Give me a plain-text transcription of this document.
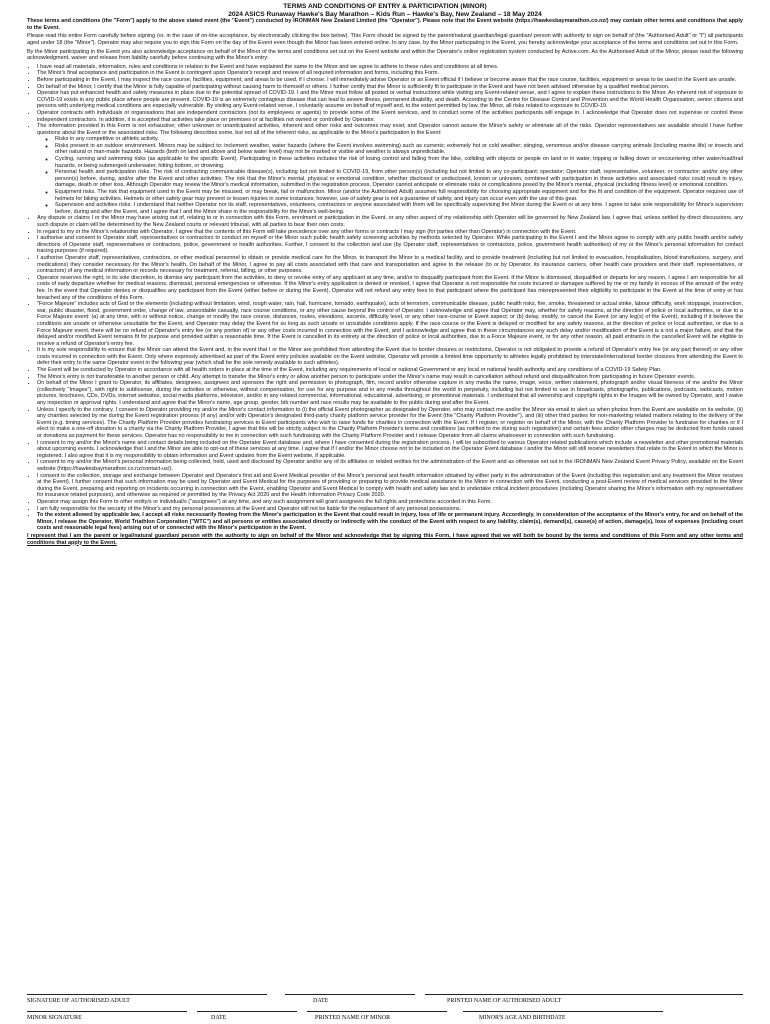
TERMS AND CONDITIONS OF ENTRY & PARTICIPATION (MINOR)
2024 ASICS Runaway Hawke's Bay Marathon – Kids Run – Hawke's Bay, New Zealand – 18 May 2024

These terms and conditions (the "Form") apply to the above stated event (the "Event") conducted by IRONMAN New Zealand Limited (the "Operator"). Please note that the Event website (https://hawkesbaymarathon.co.nz/) may contain other terms and conditions that apply to the Event.

Please read this entire Form carefully before signing (or, in the case of on-line acceptance, by electronically clicking the box below). This Form should be signed by the parent/natural guardian/legal guardian/ person with authority to sign on behalf of (the "Authorised Adult" or "I") all participants aged under 18 (the "Minor"). Operator may also require you to sign this Form on the day of the Event even though the Minor has been entered online. In any case, by the Minor participating in the Event, you hereby acknowledge your acceptance of the terms and conditions set out in this Form.

By the Minor participating in the Event you also acknowledge acceptance on behalf of the Minor of the terms and conditions set out on the Event website and within the Operator's online registration system conducted by Active.com. As the Authorised Adult of the Minor, please read the following acknowledgment, waiver and release from liability carefully before continuing with the Minor's entry:

• I have read all materials, information, rules and conditions in relation to the Event and have explained the same to the Minor and we agree to adhere to these rules and conditions at all times.
• The Minor's final acceptance and participation in the Event is contingent upon Operator's receipt and review of all required information and forms, including this Form.
• Before participating in the Event, I may inspect the race course, facilities, equipment, and areas to be used, if I choose. I will immediately advise Operator or an Event official if I believe or become aware that the race course, facilities, equipment or areas to be used in the Event are unsafe.
• On behalf of the Minor, I certify that the Minor is fully capable of participating without causing harm to themself or others. I further certify that the Minor is sufficiently fit to participate in the Event and have not been advised otherwise by a qualified medical person.
• Operator has put enhanced health and safety measures in place due to the potential spread of COVID-19. I and the Minor must follow all posted or verbal instructions while visiting any Event-related venue, and I agree to explain these instructions to the Minor. An inherent risk of exposure to COVID-19 exists in any public place where people are present. COVID-19 is an extremely contagious disease that can lead to severe illness, permanent disability, and death. According to the Centre for Disease Control and Prevention and the World Health Organisation, senior citizens and persons with underlying medical conditions are especially vulnerable. By visiting any Event-related venue, I voluntarily assume on behalf of myself and, to the extent permitted by law, the Minor, all risks related to exposure to COVID-19.
• Operator contracts with individuals or organisations that are independent contractors (not its employees or agents) to provide some of the Event services, and to conduct some of the activities participants will engage in. I acknowledge that Operator does not supervise or control these independent contractors. In addition, it is accepted that activities take place on premises or at facilities not owned or controlled by Operator.
• The information provided in this Form is not exhaustive; other unknown or unanticipated activities, inherent and other risks and outcomes may exist; and Operator cannot assure the Minor's safety or eliminate all of the risks. Operator representatives are available should I have further questions about the Event or the associated risks. The following describes some, but not all of the inherent risks, as applicable to the Minor's participation in the Event:
◦ Risks in any competitive or athletic activity.
◦ Risks present in an outdoor environment. Minors may be subject to: inclement weather, water hazards (where the Event involves swimming) such as currents; extremely hot or cold weather; stinging, venomous and/or disease carrying animals (including marine life) or insects and other natural or man-made hazards. Hazards (both on land and above and below water level) may not be marked or visible and weather is always unpredictable.
◦ Cycling, running and swimming risks (as applicable to the specific Event). Participating in these activities includes the risk of losing control and falling from the bike, colliding with objects or people on land or in water, tripping or falling down or encountering other water/road/trail hazards, or being submerged underwater, hitting bottom, or drowning.
◦ Personal health and participation risks. The risk of contracting communicable disease(s), including but not limited to COVID-19, from other person(s) (including but not limited to any co-participant; spectator; Operator staff, representative, volunteer, or contractor; and/or any other person(s) before, during, and/or after the Event and other activities. The risk that the Minor's mental, physical or emotional condition, whether disclosed or undisclosed, known or unknown, combined with participation in these activities and associated risks could result in injury, damage, death or other loss. Although Operator may review the Minor's medical information, submitted in the registration process, Operator cannot anticipate or eliminate risks or complications posed by the Minor's mental, physical (including fitness level) or emotional condition.
◦ Equipment risks. The risk that equipment used in the Event may be misused, or may break, fail or malfunction. Minor (and/or the Authorised Adult) assumes full responsibility for choosing appropriate equipment and for the fit and condition of the equipment. Operator requires use of helmets for biking activities. Helmets or other safety gear may prevent or lessen injuries in some instances; however, use of safety gear is not a guarantee of safety, and injury can occur even with the use of this gear.
◦ Supervision and activities risks. I understand that neither Operator nor its staff, representatives, volunteers, contractors or anyone associated with them will be specifically supervising the Minor during the Event or at any time. I agree to take sole responsibility for Minor's supervision before, during and after the Event, and I agree that I and the Minor share in the responsibility for the Minor's well-being.
• Any dispute or claims I or the Minor may have arising out of, relating to or in connection with this Form, enrolment or participation in the Event, or any other aspect of my relationship with Operator will be governed by New Zealand law. I agree that, unless settled by direct discussions, any such dispute or claim will be determined by the New Zealand courts or relevant tribunal, with all parties to bear their own costs.
• In regard to my or the Minor's relationship with Operator, I agree that the contents of this Form will take precedence over any other forms or contracts I may sign (for parties other than Operator) in connection with the Event.
• I authorise and consent to Operator staff, representatives or contractors to conduct on myself or the Minor such public health safety screening activities by methods selected by Operator. While participating in the Event I and the Minor agree to comply with any public health and/or safety directions of Operator staff, representatives or contractors, police, government or health authorities. Further, I consent to the collection and use (by Operator staff, representatives or contractors, police, government health authorities) of my or the Minor's personal information for contact tracing purposes (if required).
• I authorise Operator staff, representatives, contractors, or other medical personnel to obtain or provide medical care for the Minor, to transport the Minor to a medical facility, and to provide treatment (including but not limited to evacuation, hospitalisation, blood transfusions, surgery, and medications) they consider necessary for the Minor's health. On behalf of the Minor, I agree to pay all costs associated with that care and transportation and agree to the release (to or by Operator, its insurance carriers, other health care providers and their staff, representatives, or contractors) of any medical information or records necessary for treatment, referral, billing, or other purposes.
• Operator reserves the right, in its sole discretion, to dismiss any participant from the activities, to deny or revoke entry of any applicant at any time, and/or to disqualify participant from the Event. If the Minor is dismissed, disqualified or departs for any reason, I agree I am responsible for all costs of early departure whether for medical reasons, dismissal, personal emergencies or otherwise. If the Minor's entry application is denied or revoked, I agree that Operator is not responsible for costs incurred or damages suffered by me or my family in excess of the amount of the entry fee. In the event that Operator denies or disqualifies any participant from the Event (either before or during the Event), Operator will not refund any entry fees to that participant where the participant has misrepresented their eligibility to participate in the Event at the time of entry or has breached any of the conditions of this Form.
• "Force Majeure" includes acts of God or the elements (including without limitation, wind, rough water, rain, hail, hurricane, tornado, earthquake), acts of terrorism, communicable disease, public health risks, fire, smoke, threatened or actual strike, labour difficulty, work stoppage, insurrection, war, public disaster, flood, government order, change of law, unavoidable casualty, race course conditions, or any other cause beyond the control of Operator. I acknowledge and agree that Operator may, whether for safety reasons, at the direction of police or local authorities, or due to a Force Majeure event: (a) at any time, with or without notice, change or modify the race course, distances, routes, elevations, ascents, difficulty level, or any other race-course or Event aspect; or (b) delay, modify, or cancel the Event (or any leg(s) of the Event), including if it believes the conditions are unsafe or otherwise unsuitable for the Event, and Operator may delay the Event for so long as such unsafe or unsuitable conditions apply. If the race course or the Event is delayed or modified for any safety reasons, at the direction of police or local authorities, or due to a Force Majeure event, there will be no refund of Operator's entry fee (or any portion of) or any other costs incurred in connection with the Event, and I acknowledge and agree that in these circumstances any such delay and/or modification of the Event is a not a major failure, and that the delayed and/or modified Event remains fit for purpose and provided within a reasonable time. If the Event is cancelled in its entirety at the direction of police or local authorities, due to a Force Majeure event, or for any other reason, all paid entrants in the cancelled Event will be eligible to receive a refund of Operator's entry fee.
• It is my sole responsibility to ensure that the Minor can attend the Event and, in the event that I or the Minor are prohibited from attending the Event due to border closures or restrictions, Operator is not obligated to provide a refund of Operator's entry fee (or any part thereof) or any other costs incurred in connection with the Event. Only where expressly advertised as part of the Event entry policies available on the Event website, Operator will provide a limited time opportunity to athletes legally prohibited by interstate/international border closures from attending the Event to defer their entry to the same Operator event in the following year (which shall be the sole remedy available to such athletes).
• The Event will be conducted by Operator in accordance with all health orders in place at the time of the Event, including any requirements of local or national Government or any local or national health authority and any conditions of a COVID-19 Safety Plan.
• The Minor's entry is not transferable to another person or child. Any attempt to transfer the Minor's entry or allow another person to participate under the Minor's name may result in cancellation without refund and disqualification from participating in future Operator events.
• On behalf of the Minor I grant to Operator, its affiliates, designees, assignees and sponsors the right and permission to photograph, film, record and/or otherwise capture in any media the name, image, voice, written statement, photograph and/or visual likeness of me and/or the Minor (collectively "Images"), with right to sublicense, during the activities or otherwise, without compensation, for use for any purpose and in any media throughout the world in perpetuity, including but not limited to use in broadcasts, photographs, publications, podcasts, webcasts, motion pictures, brochures, CDs, DVDs, internet websites, social media platforms, television, and/or in any related commercial, informational, educational, advertising, or promotional materials. I understand that all ownership and copyright rights in the Images will be owned by Operator, and I waive any inspection or approval rights. I understand and agree that the Minor's name, age group, gender, bib number and race results may be available to the public during and after the Event.
• Unless I specify to the contrary, I consent to Operator providing my and/or the Minor's contact information to (i) the official Event photographer as designated by Operator, who may contact me and/or the Minor via email to alert us when photos from the Event are available on its website, (ii) any charities selected by me during the Event registration process (if any) and/or with Operator's designated third-party charity platform service provider for the Event (the "Charity Platform Provider"), and (iii) other third parties for non-marketing related matters relating to the delivery of the Event (e.g. timing services). The Charity Platform Provider provides fundraising services to Event participants who wish to raise funds for charities in connection with the Event. If I register, or register on behalf of the Minor, with the Charity Platform Provider to fundraise for charities or if I elect to make a one-off donation to a charity via the Charity Platform Provider, I agree that this will be strictly subject to the Charity Platform Provider's terms and conditions (as notified to me during such registration) and certain fees and/or other charges may be deducted from funds raised or donations as payment for these services. Operator has no responsibility to me in connection with such fundraising with the Charity Platform Provider and I release Operator from all claims whatsoever in connection with such fundraising.
• I consent to my and/or the Minor's name and contact details being included on the Operator Event database and, where I have consented during the registration process, I will be subscribed to various Operator related publications which include a newsletter and other promotional materials about upcoming events. I acknowledge that I and the Minor are able to opt-out of these services at any time. I agree that if I and/or the Minor choose not to be included on the Operator Event database I and/or the Minor will still receive newsletters that relate to the Event in which the Minor is registered. I also agree that it is my responsibility to obtain information and Event updates from the Event website, if applicable.
• I consent to my and/or the Minor's personal information being collected, held, used and disclosed by Operator and/or any of its affiliates or related entities for the administration of the Event and as otherwise set out in the IRONMAN New Zealand Event Privacy Policy, available on the Event website (https://hawkesbaymarathon.co.nz/contact-us/).
• I consent to the collection, storage and exchange between Operator and Operator's first aid and Event Medical provider of the Minor's personal and health information obtained by either party in the administration of the Event (including this registration and any treatment the Minor receives at the Event). I further consent that such information may be used by Operator and Event Medical for the purposes of providing or preparing to provide medical assistance to the Minor in connection with the Event, conducting a post-Event review of medical services provided to the Minor during the Event, preparing and reporting on incidents occurring in connection with the Event, enabling Operator and Event Medical to comply with health and safety law and to undertake critical incident procedures (including Operator sharing the Minor's information with my representatives for insurance related purposes), and otherwise as required or permitted by the Privacy Act 2020 and the Health Information Privacy Code 2020.
• Operator may assign this Form to other entity/s or individual/s ("assignees") at any time, and any such assignment will grant assignees the full rights and protections accorded in this Form.
• I am fully responsible for the security of the Minor's and my personal possessions at the Event and Operator will not be liable for the replacement of any personal possessions.
• To the extent allowed by applicable law, I accept all risks necessarily flowing from the Minor's participation in the Event that could result in injury, loss of life or permanent injury. Accordingly, in consideration of the acceptance of the Minor's entry, for and on behalf of the Minor, I release the Operator, World Triathlon Corporation ("WTC") and all persons or entities associated directly or indirectly with the conduct of the Event with respect to any liability, claim(s), demand(s), cause(s) of action, damage(s), loss of expenses (including court costs and reasonable legal fees) arising out of or connected with the Minor's participation in the Event.

I represent that I am the parent or legal/natural guardian/ person with the authority to sign on behalf of the Minor and acknowledge that by signing this Form, I have agreed that we will both be bound by the terms and conditions of this Form and any other terms and conditions that apply to the Event.

SIGNATURE OF AUTHORISED ADULT	DATE	PRINTED NAME OF AUTHORISED ADULT
MINOR SIGNATURE	DATE	PRINTED NAME OF MINOR	MINOR'S AGE AND BIRTHDATE
